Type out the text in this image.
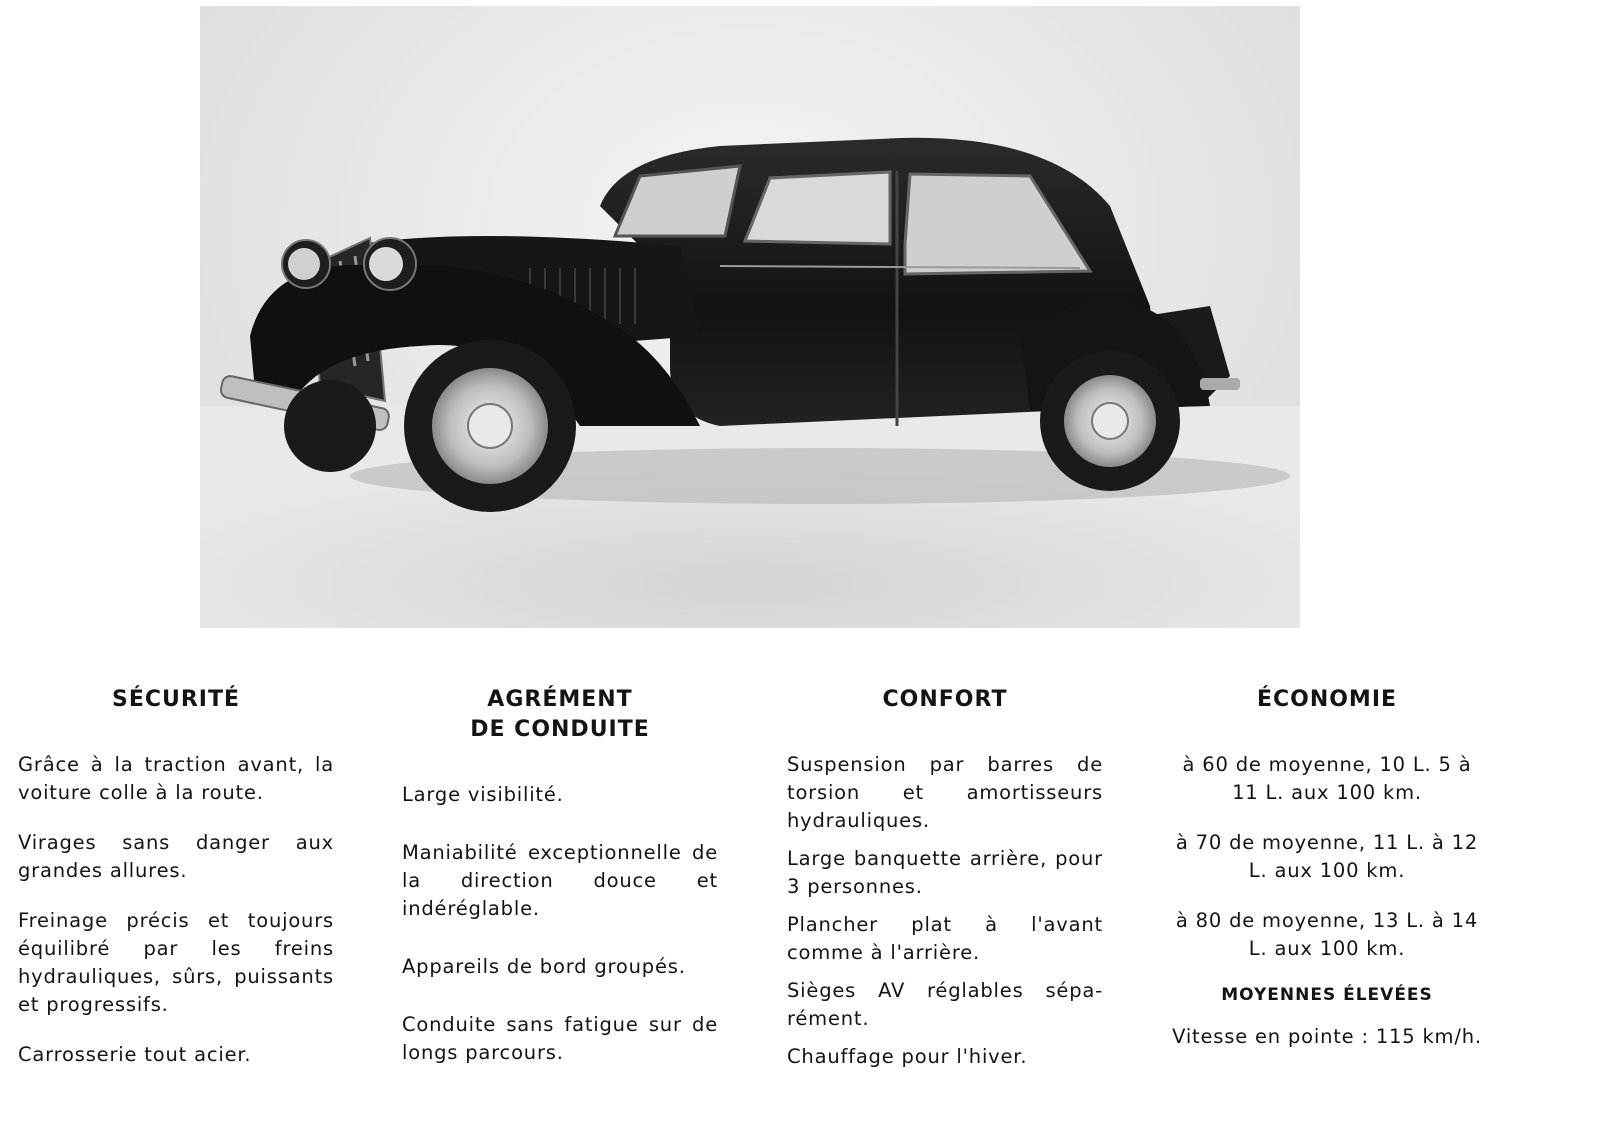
SÉCURITÉ

Grâce à la traction avant, la voiture colle à la route.

Virages sans danger aux grandes allures.

Freinage précis et toujours équilibré par les freins hydrauliques, sûrs, puissants et progressifs.

Carrosserie tout acier.

AGRÉMENT
DE CONDUITE

Large visibilité.

Maniabilité exceptionnelle de la direction douce et indéréglable.

Appareils de bord groupés.

Conduite sans fatigue sur de longs parcours.

CONFORT

Suspension par barres de torsion et amortisseurs hydrauliques.

Large banquette arrière, pour 3 personnes.

Plancher plat à l'avant comme à l'arrière.

Sièges AV réglables sépa-rément.

Chauffage pour l'hiver.

ÉCONOMIE

à 60 de moyenne, 10 L. 5 à 11 L. aux 100 km.

à 70 de moyenne, 11 L. à 12 L. aux 100 km.

à 80 de moyenne, 13 L. à 14 L. aux 100 km.

MOYENNES ÉLEVÉES

Vitesse en pointe : 115 km/h.
